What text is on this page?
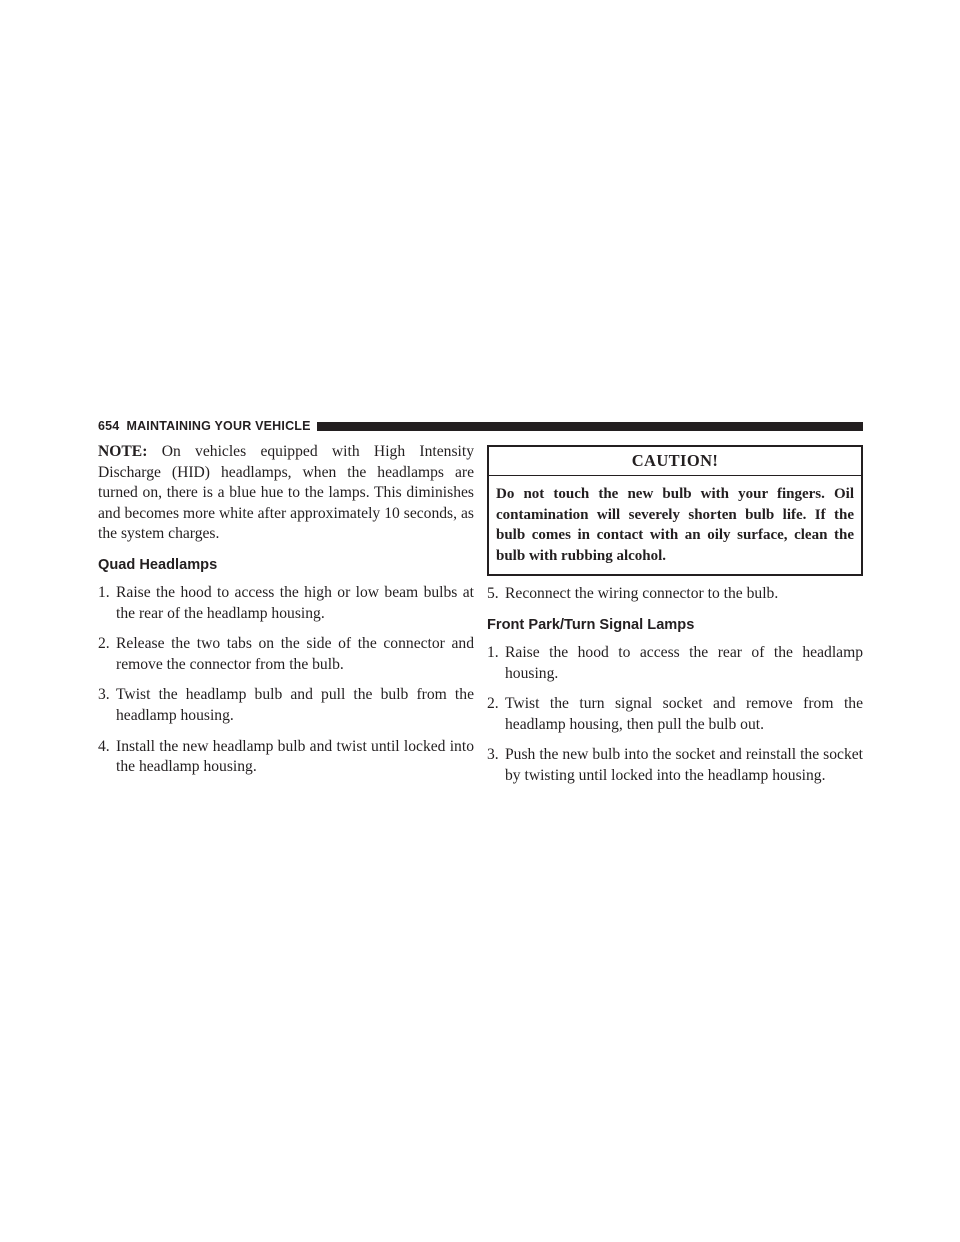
654 MAINTAINING YOUR VEHICLE

NOTE: On vehicles equipped with High Intensity Discharge (HID) headlamps, when the headlamps are turned on, there is a blue hue to the lamps. This diminishes and becomes more white after approximately 10 seconds, as the system charges.

Quad Headlamps
1. Raise the hood to access the high or low beam bulbs at the rear of the headlamp housing.
2. Release the two tabs on the side of the connector and remove the connector from the bulb.
3. Twist the headlamp bulb and pull the bulb from the headlamp housing.
4. Install the new headlamp bulb and twist until locked into the headlamp housing.
CAUTION!
Do not touch the new bulb with your fingers. Oil contamination will severely shorten bulb life. If the bulb comes in contact with an oily surface, clean the bulb with rubbing alcohol.
5. Reconnect the wiring connector to the bulb.
Front Park/Turn Signal Lamps
1. Raise the hood to access the rear of the headlamp housing.
2. Twist the turn signal socket and remove from the headlamp housing, then pull the bulb out.
3. Push the new bulb into the socket and reinstall the socket by twisting until locked into the headlamp housing.
